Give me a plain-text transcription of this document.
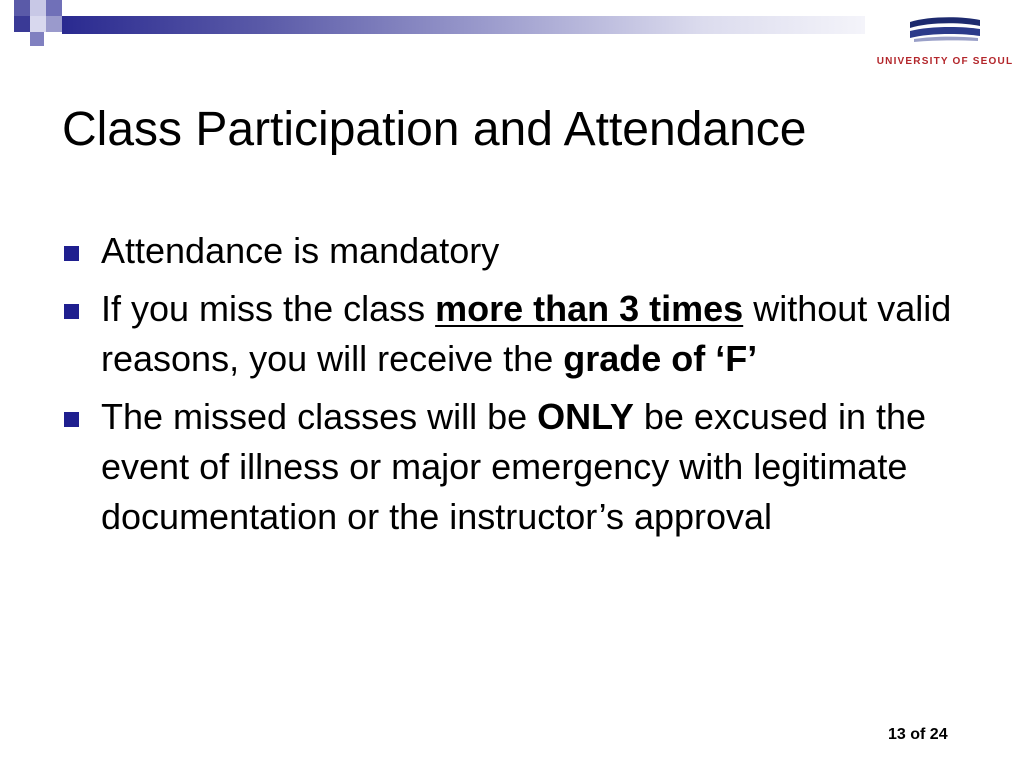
UNIVERSITY OF SEOUL
Class Participation and Attendance
Attendance is mandatory
If you miss the class more than 3 times without valid reasons, you will receive the grade of ‘F’
The missed classes will be ONLY be excused in the event of illness or major emergency with legitimate documentation or the instructor’s approval
13 of 24
